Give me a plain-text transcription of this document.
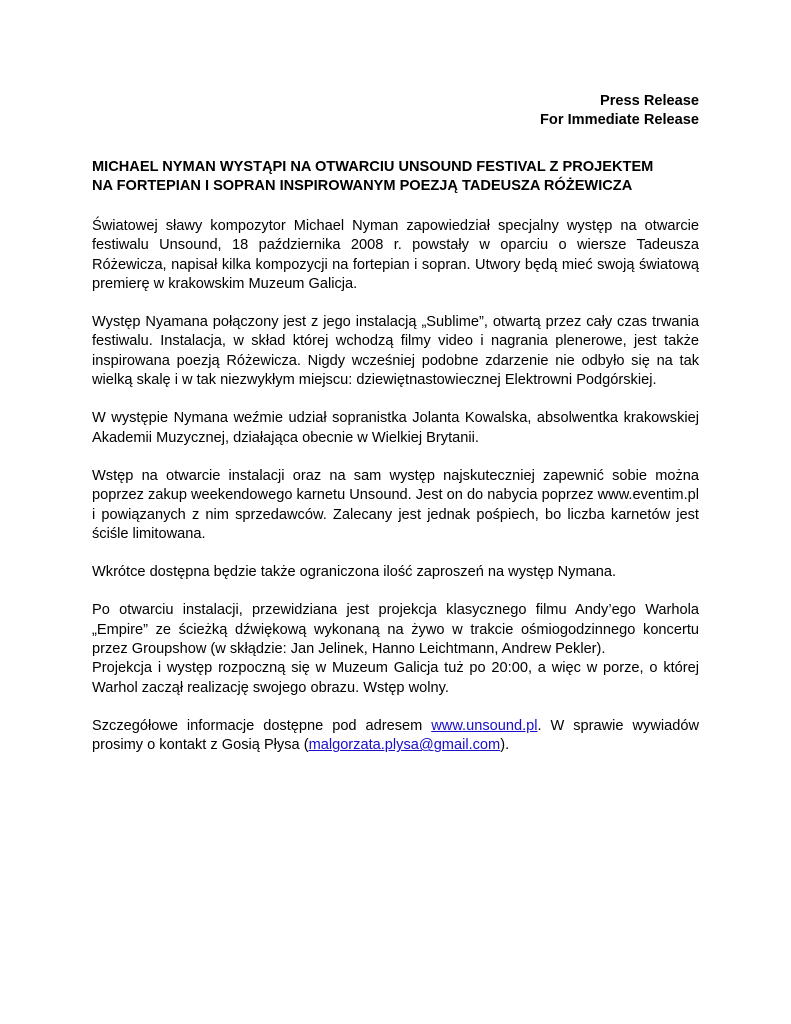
Press Release
For Immediate Release
MICHAEL NYMAN WYSTĄPI NA OTWARCIU UNSOUND FESTIVAL Z PROJEKTEM
NA FORTEPIAN I SOPRAN INSPIROWANYM POEZJĄ TADEUSZA RÓŻEWICZA

Światowej sławy kompozytor Michael Nyman zapowiedział specjalny występ na otwarcie festiwalu Unsound, 18 października 2008 r. powstały w oparciu o wiersze Tadeusza Różewicza, napisał kilka kompozycji na fortepian i sopran. Utwory będą mieć swoją światową premierę w krakowskim Muzeum Galicja.

Występ Nyamana połączony jest z jego instalacją „Sublime”, otwartą przez cały czas trwania festiwalu. Instalacja, w skład której wchodzą filmy video i nagrania plenerowe, jest także inspirowana poezją Różewicza. Nigdy wcześniej podobne zdarzenie nie odbyło się na tak wielką skalę i w tak niezwykłym miejscu: dziewiętnastowiecznej Elektrowni Podgórskiej.

W występie Nymana weźmie udział sopranistka Jolanta Kowalska, absolwentka krakowskiej Akademii Muzycznej, działająca obecnie w Wielkiej Brytanii.

Wstęp na otwarcie instalacji oraz na sam występ najskuteczniej zapewnić sobie można poprzez zakup weekendowego karnetu Unsound. Jest on do nabycia poprzez www.eventim.pl i powiązanych z nim sprzedawców. Zalecany jest jednak pośpiech, bo liczba karnetów jest ściśle limitowana.

Wkrótce dostępna będzie także ograniczona ilość zaproszeń na występ Nymana.

Po otwarciu instalacji, przewidziana jest projekcja klasycznego filmu Andy’ego Warhola „Empire” ze ścieżką dźwiękową wykonaną na żywo w trakcie ośmiogodzinnego koncertu przez Groupshow (w skłądzie: Jan Jelinek, Hanno Leichtmann, Andrew Pekler).

Projekcja i występ rozpoczną się w Muzeum Galicja tuż po 20:00, a więc w porze, o której Warhol zaczął realizację swojego obrazu. Wstęp wolny.

Szczegółowe informacje dostępne pod adresem www.unsound.pl. W sprawie wywiadów prosimy o kontakt z Gosią Płysa (malgorzata.plysa@gmail.com).
